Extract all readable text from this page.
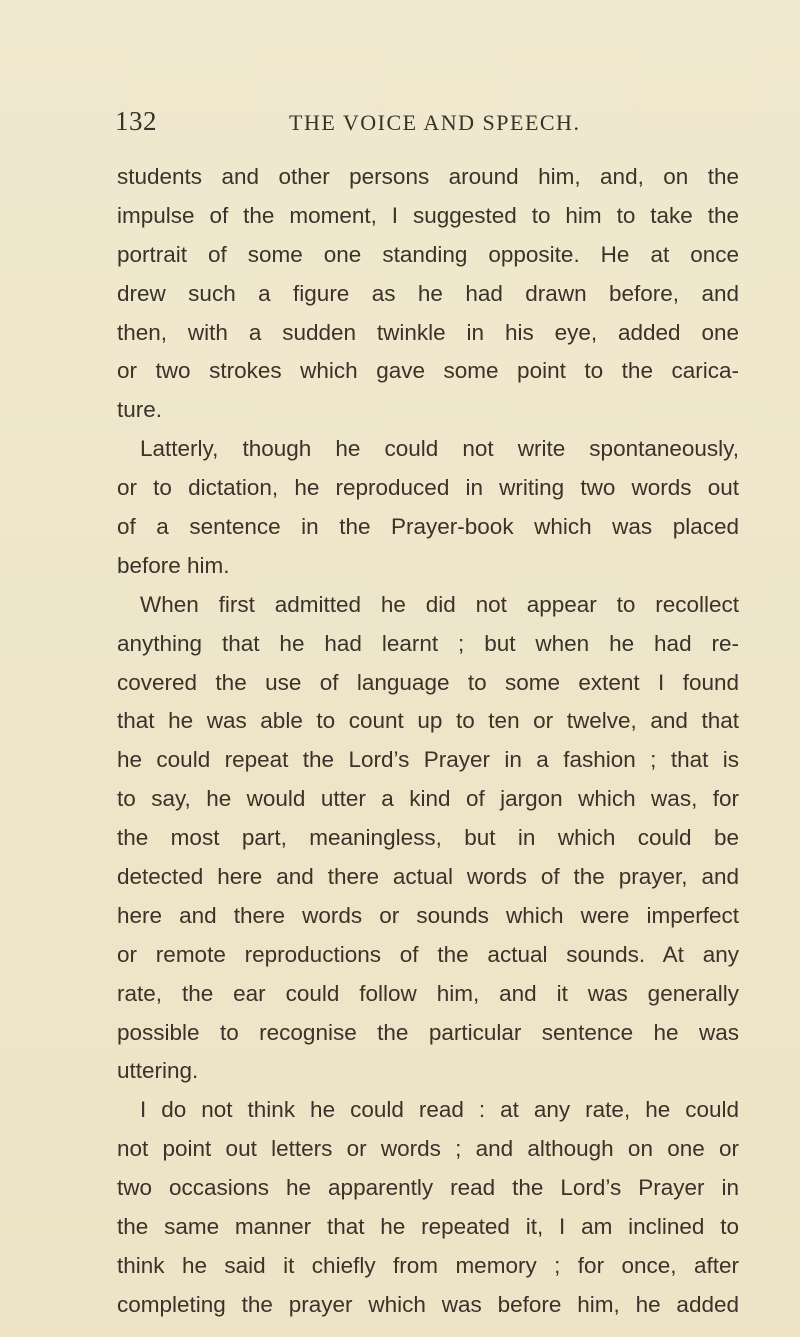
132	THE VOICE AND SPEECH.
students and other persons around him, and, on the
impulse of the moment, I suggested to him to take the
portrait of some one standing opposite. He at once
drew such a figure as he had drawn before, and
then, with a sudden twinkle in his eye, added one
or two strokes which gave some point to the carica-
ture.
Latterly, though he could not write spontaneously,
or to dictation, he reproduced in writing two words out
of a sentence in the Prayer-book which was placed
before him.
When first admitted he did not appear to recollect
anything that he had learnt ; but when he had re-
covered the use of language to some extent I found
that he was able to count up to ten or twelve, and that
he could repeat the Lord’s Prayer in a fashion ; that is
to say, he would utter a kind of jargon which was, for
the most part, meaningless, but in which could be
detected here and there actual words of the prayer, and
here and there words or sounds which were imperfect
or remote reproductions of the actual sounds. At any
rate, the ear could follow him, and it was generally
possible to recognise the particular sentence he was
uttering.
I do not think he could read : at any rate, he could
not point out letters or words ; and although on one or
two occasions he apparently read the Lord’s Prayer in
the same manner that he repeated it, I am inclined to
think he said it chiefly from memory ; for once, after
completing the prayer which was before him, he added
